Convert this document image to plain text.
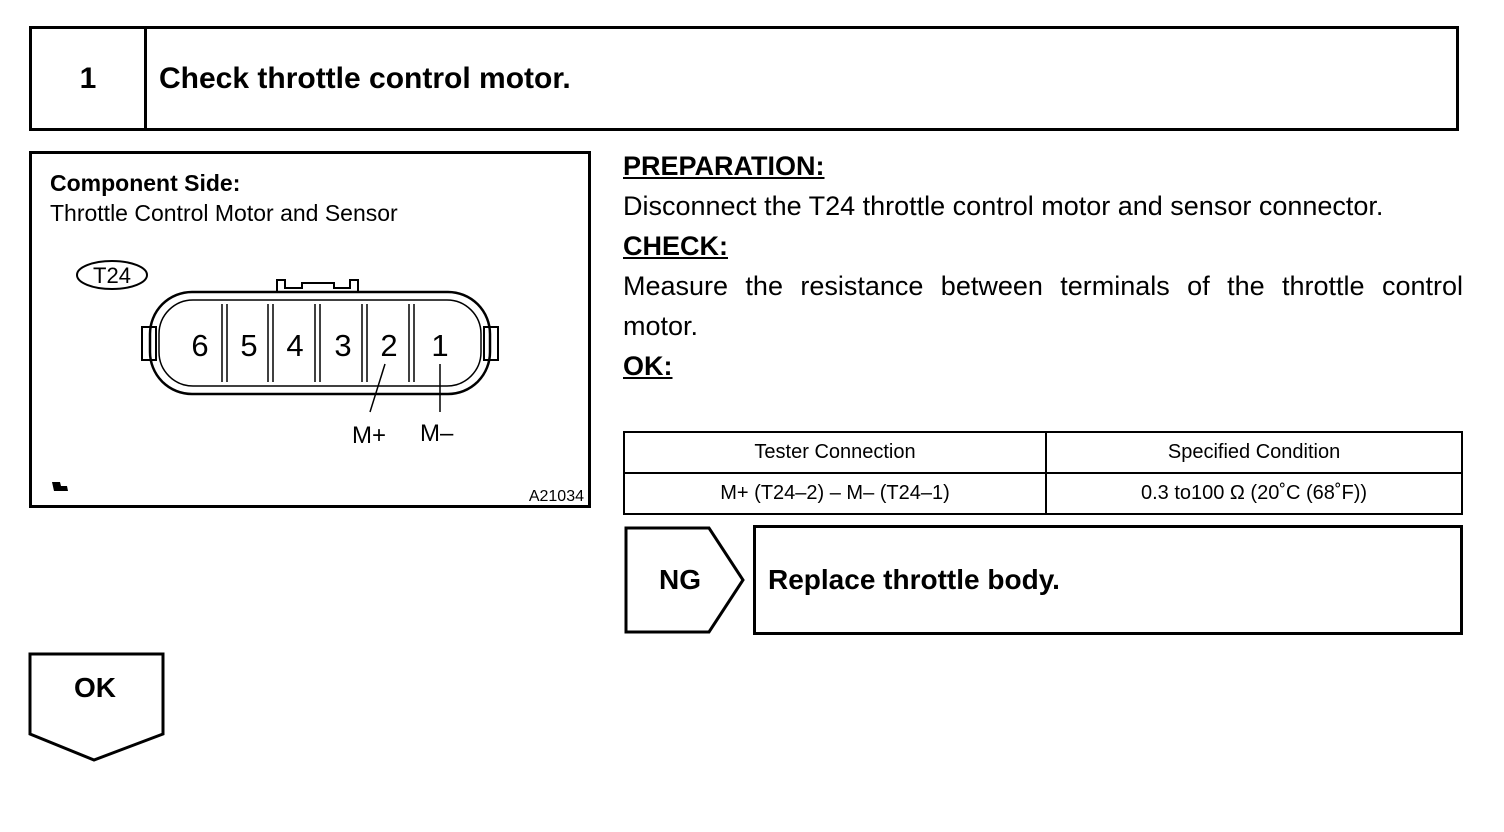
1	Check throttle control motor.
Component Side:
Throttle Control Motor and Sensor
T24
6 5 4 3 2 1
M+ M–
A21034
PREPARATION:
Disconnect the T24 throttle control motor and sensor connector.
CHECK:
Measure the resistance between terminals of the throttle control motor.
OK:
Tester Connection	Specified Condition
M+ (T24–2) – M– (T24–1)	0.3 to100 Ω (20˚C (68˚F))
NG	Replace throttle body.
OK
